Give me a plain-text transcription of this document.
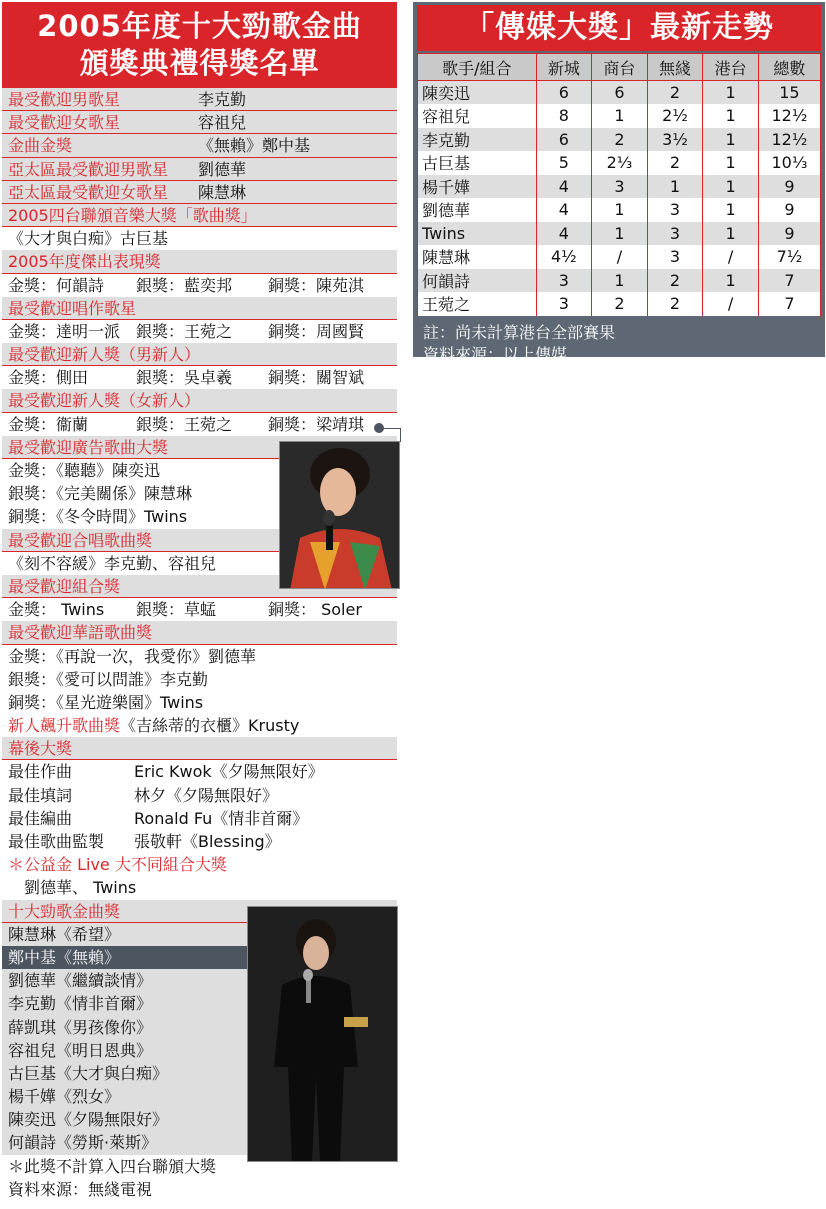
2005年度十大勁歌金曲
頒獎典禮得獎名單
最受歡迎男歌星	李克勤
最受歡迎女歌星	容祖兒
金曲金獎	《無賴》鄭中基
亞太區最受歡迎男歌星 劉德華
亞太區最受歡迎女歌星 陳慧琳
2005四台聯頒音樂大獎「歌曲獎」
《大才與白痴》古巨基
2005年度傑出表現獎
金獎：何韻詩 銀獎：藍奕邦 銅獎：陳苑淇
最受歡迎唱作歌星
金獎：達明一派 銀獎：王菀之 銅獎：周國賢
最受歡迎新人獎（男新人）
金獎：側田	銀獎：吳卓羲 銅獎：關智斌
最受歡迎新人獎（女新人）
金獎：衞蘭	銀獎：王菀之 銅獎：梁靖琪
最受歡迎廣告歌曲大獎
金獎：《聽聽》陳奕迅
銀獎：《完美關係》陳慧琳
銅獎：《冬令時間》Twins
最受歡迎合唱歌曲獎
《刻不容緩》李克勤、容祖兒
最受歡迎組合獎
金獎： Twins 銀獎：草蜢	銅獎： Soler
最受歡迎華語歌曲獎
金獎：《再說一次，我愛你》劉德華
銀獎：《愛可以問誰》李克勤
銅獎：《星光遊樂園》Twins
新人飆升歌曲獎《吉絲蒂的衣櫃》Krusty
幕後大獎
最佳作曲	Eric Kwok《夕陽無限好》
最佳填詞	林夕《夕陽無限好》
最佳編曲	Ronald Fu《情非首爾》
最佳歌曲監製 張敬軒《Blessing》
＊公益金 Live 大不同組合大獎
　劉德華、 Twins
十大勁歌金曲獎
陳慧琳《希望》
鄭中基《無賴》
劉德華《繼續談情》
李克勤《情非首爾》
薛凱琪《男孩像你》
容祖兒《明日恩典》
古巨基《大才與白痴》
楊千嬅《烈女》
陳奕迅《夕陽無限好》
何韻詩《勞斯·萊斯》
＊此獎不計算入四台聯頒大獎
資料來源：無綫電視
「傳媒大獎」最新走勢
歌手/組合	新城	商台	無綫	港台	總數
陳奕迅	6	6	2	1	15
容祖兒	8	1	2½	1	12½
李克勤	6	2	3½	1	12½
古巨基	5	2⅓	2	1	10⅓
楊千嬅	4	3	1	1	9
劉德華	4	1	3	1	9
Twins	4	1	3	1	9
陳慧琳	4½	/	3	/	7½
何韻詩	3	1	2	1	7
王菀之	3	2	2	/	7
註：尚未計算港台全部賽果
資料來源：以上傳媒
